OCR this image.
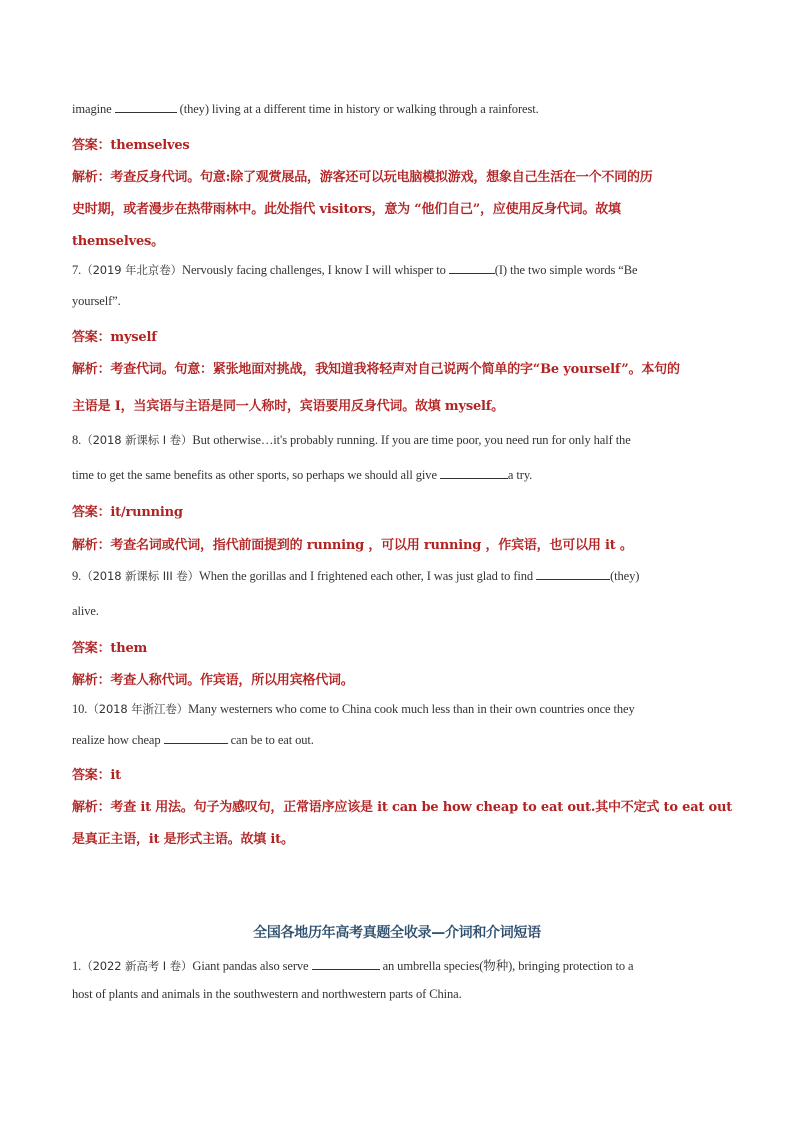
imagine	(they) living at a different time in history or walking through a rainforest.
答案：themselves
解析：考查反身代词。句意:除了观赏展品，游客还可以玩电脑模拟游戏，想象自己生活在一个不同的历
史时期，或者漫步在热带雨林中。此处指代 visitors，意为 “他们自己”，应使用反身代词。故填
themselves。
7.（2019 年北京卷）Nervously facing challenges, I know I will whisper to	(I) the two simple words “Be
yourself”.
答案：myself
解析：考查代词。句意：紧张地面对挑战，我知道我将轻声对自己说两个简单的字“Be yourself”。本句的
主语是 I，当宾语与主语是同一人称时，宾语要用反身代词。故填 myself。
8.（2018 新课标 I 卷）But otherwise…it's probably running. If you are time poor, you need run for only half the
time to get the same benefits as other sports, so perhaps we should all give	a try.
答案：it/running
解析：考查名词或代词，指代前面提到的 running ，可以用 running ，作宾语，也可以用 it 。
9.（2018 新课标 III 卷）When the gorillas and I frightened each other, I was just glad to find	(they)
alive.
答案：them
解析：考查人称代词。作宾语，所以用宾格代词。
10.（2018 年浙江卷）Many westerners who come to China cook much less than in their own countries once they
realize how cheap	can be to eat out.
答案：it
解析：考查 it 用法。句子为感叹句，正常语序应该是 it can be how cheap to eat out.其中不定式 to eat out
是真正主语，it 是形式主语。故填 it。
全国各地历年高考真题全收录—介词和介词短语
1.（2022 新高考 I 卷）Giant pandas also serve	an umbrella species(物种), bringing protection to a
host of plants and animals in the southwestern and northwestern parts of China.
